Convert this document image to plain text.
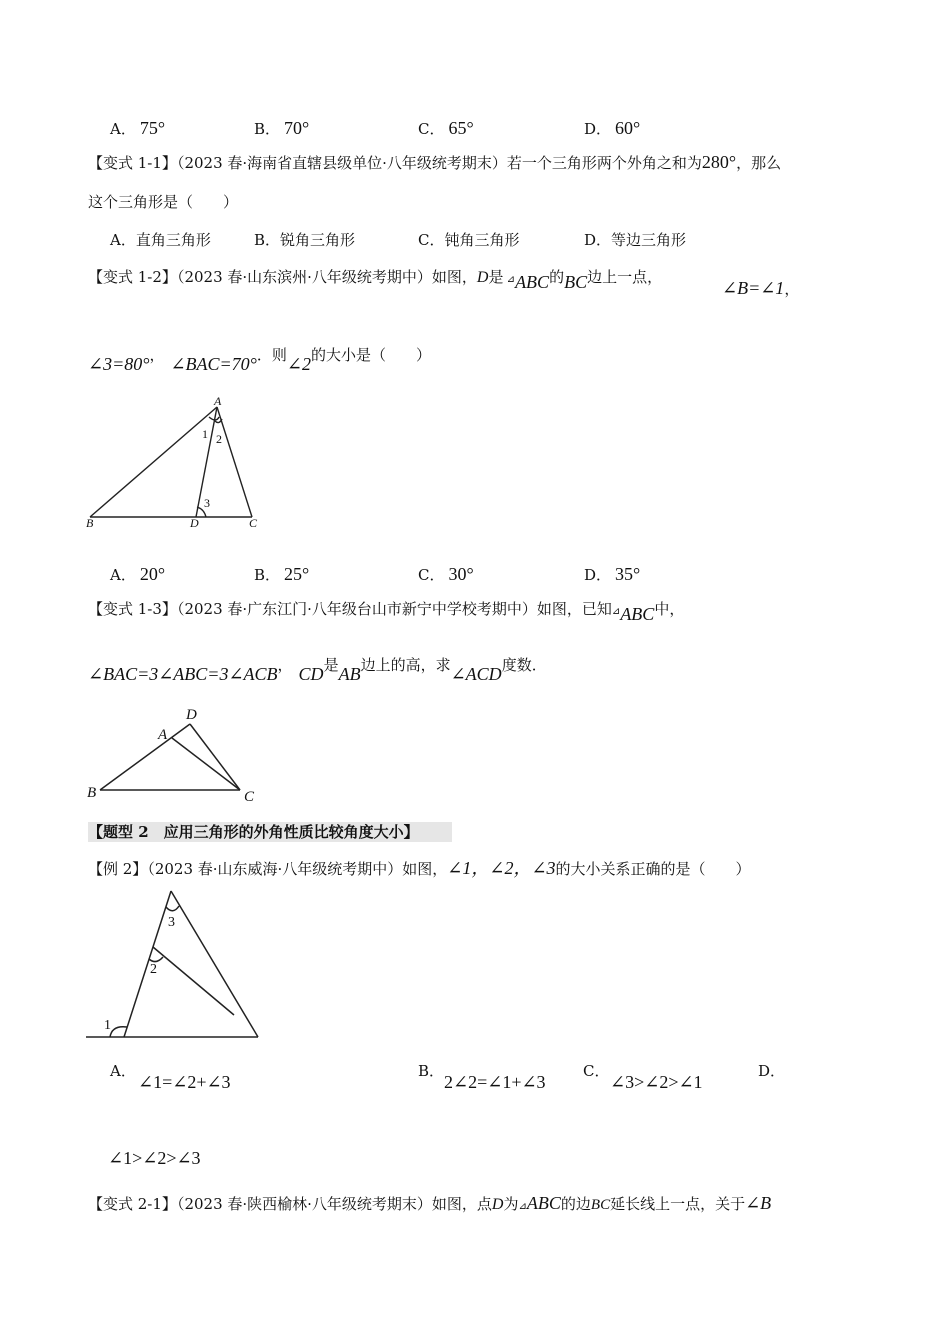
A． 75°	B． 70°	C． 65°	D． 60°
【变式 1-1】（2023 春·海南省直辖县级单位·八年级统考期末）若一个三角形两个外角之和为280°，那么
这个三角形是（　　）
A．直角三角形	B．锐角三角形	C．钝角三角形	D．等边三角形
【变式 1-2】（2023 春·山东滨州·八年级统考期中）如图，D是 ⊿ABC的BC边上一点，
∠B=∠1，
∠3=80°， ∠BAC=70°．则∠2的大小是（　　）
A
B	C
D
1 2
3
A． 20°	B． 25°	C． 30°	D． 35°
【变式 1-3】（2023 春·广东江门·八年级台山市新宁中学校考期中）如图，已知⊿ABC中，
∠BAC=3∠ABC=3∠ACB， CD是AB边上的高，求∠ACD度数．
D
A
B	C
【题型 2　应用三角形的外角性质比较角度大小】
【例 2】（2023 春·山东威海·八年级统考期中）如图，∠1，∠2，∠3的大小关系正确的是（　　）
3
2
1
A．
∠1=∠2+∠3
B．
2∠2=∠1+∠3
C．
∠3>∠2>∠1
D．
∠1>∠2>∠3
【变式 2-1】（2023 春·陕西榆林·八年级统考期末）如图，点D为⊿ABC的边BC延长线上一点，关于∠B
